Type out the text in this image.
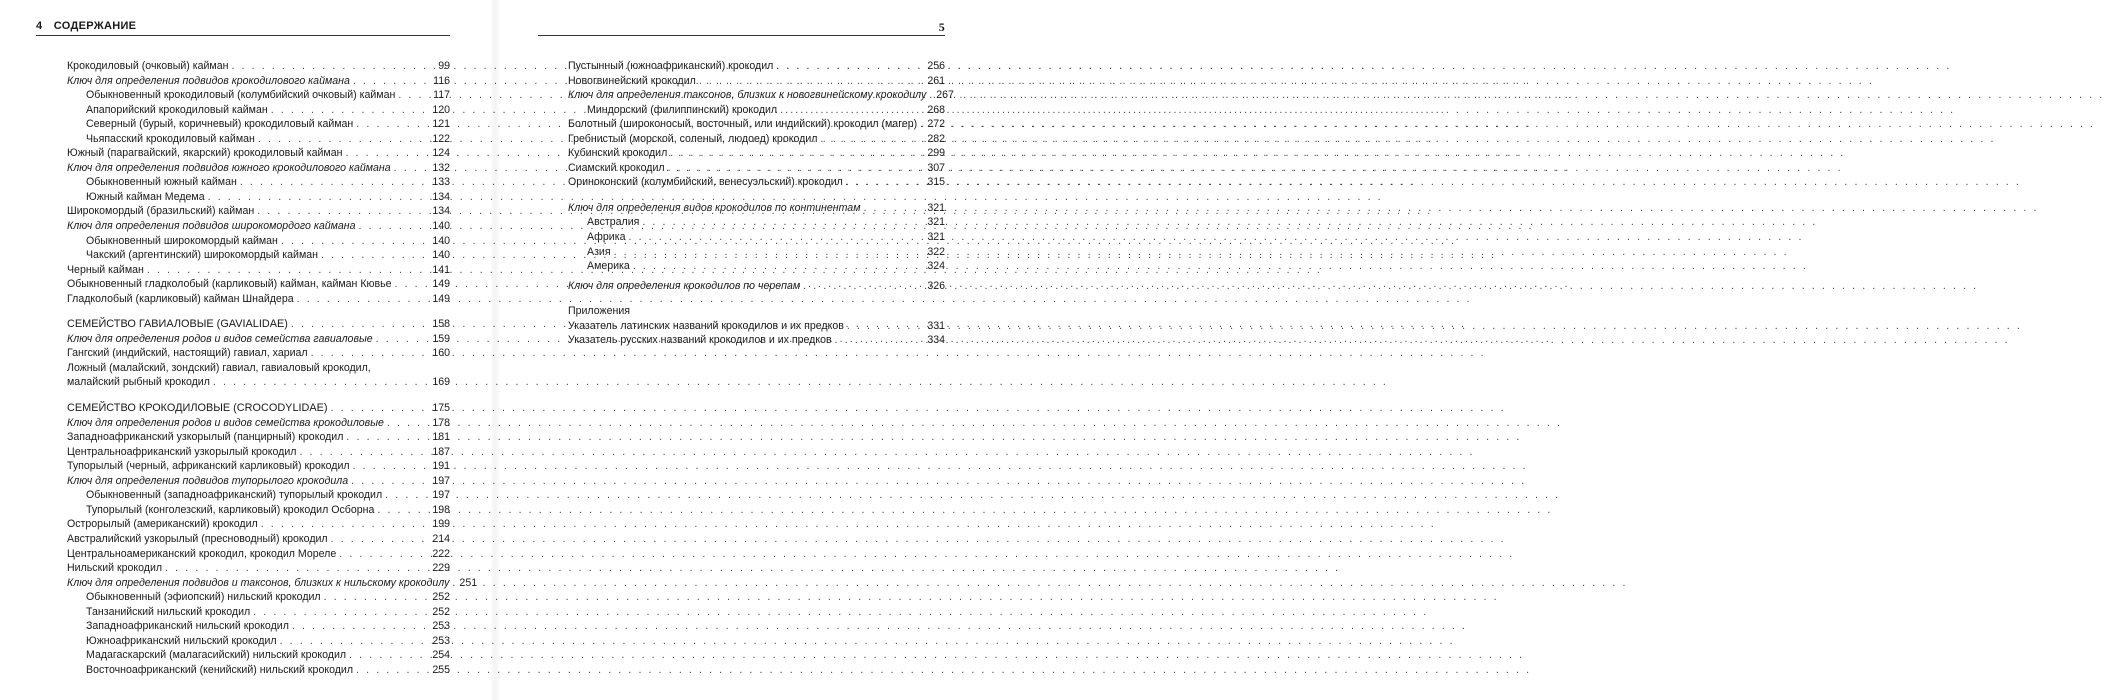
4 СОДЕРЖАНИЕ
Крокодиловый (очковый) кайман . . .	99
Ключ для определения подвидов крокодилового каймана . . .	116
Обыкновенный крокодиловый (колумбийский очковый) кайман . . .	117
Апапорийский крокодиловый кайман . . .	120
Северный (бурый, коричневый) крокодиловый кайман . . .	121
Чьяпасский крокодиловый кайман . . .	122
Южный (парагвайский, якарский) крокодиловый кайман . . .	124
Ключ для определения подвидов южного крокодилового каймана . . .	132
Обыкновенный южный кайман . . .	133
Южный кайман Медема . . .	134
Широкомордый (бразильский) кайман . . .	134
Ключ для определения подвидов широкомордого каймана . . .	140
Обыкновенный широкомордый кайман . . .	140
Чакский (аргентинский) широкомордый кайман . . .	140
Черный кайман . . .	141
Обыкновенный гладколобый (карликовый) кайман, кайман Кювье . . .	149
Гладколобый (карликовый) кайман Шнайдера . . .	149
СЕМЕЙСТВО ГАВИАЛОВЫЕ (GAVIALIDAE) . . .	158
Ключ для определения родов и видов семейства гавиаловые . . .	159
Гангский (индийский, настоящий) гавиал, хариал . . .	160
Ложный (малайский, зондский) гавиал, гавиаловый крокодил,
малайский рыбный крокодил . . .	169
СЕМЕЙСТВО КРОКОДИЛОВЫЕ (CROCODYLIDAE) . . .	175
Ключ для определения родов и видов семейства крокодиловые . . .	178
Западноафриканский узкорылый (панцирный) крокодил . . .	181
Центральноафриканский узкорылый крокодил . . .	187
Тупорылый (черный, африканский карликовый) крокодил . . .	191
Ключ для определения подвидов тупорылого крокодила . . .	197
Обыкновенный (западноафриканский) тупорылый крокодил . . .	197
Тупорылый (конголезский, карликовый) крокодил Осборна . . .	198
Острорылый (американский) крокодил . . .	199
Австралийский узкорылый (пресноводный) крокодил . . .	214
Центральноамериканский крокодил, крокодил Мореле . . .	222
Нильский крокодил . . .	229
Ключ для определения подвидов и таксонов, близких к нильскому крокодилу . . . 251
Обыкновенный (эфиопский) нильский крокодил . . .	252
Танзанийский нильский крокодил . . .	252
Западноафриканский нильский крокодил . . .	253
Южноафриканский нильский крокодил . . .	253
Мадагаскарский (малагасийский) нильский крокодил . . .	254
Восточноафриканский (кенийский) нильский крокодил . . .	255
5
Пустынный (южноафриканский) крокодил . . .	256
Новогвинейский крокодил . . .	261
Ключ для определения таксонов, близких к новогвинейскому крокодилу . . . 267
Миндорский (филиппинский) крокодил . . .	268
Болотный (широконосый, восточный, или индийский) крокодил (магер) . . . 272
Гребнистый (морской, соленый, людоед) крокодил . . .	282
Кубинский крокодил . . .	299
Сиамский крокодил . . .	307
Ориноконский (колумбийский, венесуэльский) крокодил . . .	315
Ключ для определения видов крокодилов по континентам . . .	321
Австралия . . .	321
Африка . . .	321
Азия . . .	322
Америка . . .	324
Ключ для определения крокодилов по черепам . . .	326
Приложения
Указатель латинских названий крокодилов и их предков . . .	331
Указатель русских названий крокодилов и их предков . . .	334
